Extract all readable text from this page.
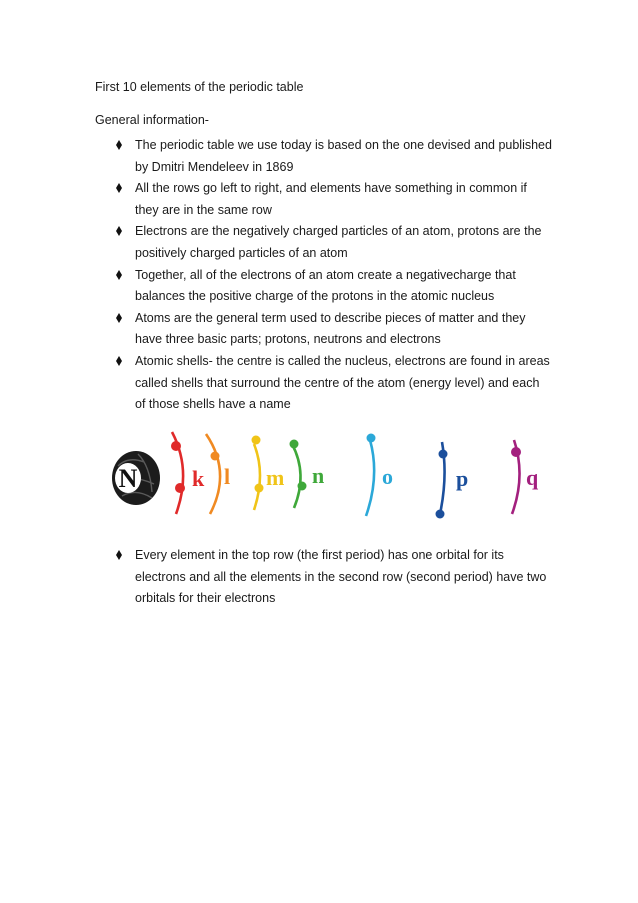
First 10 elements of the periodic table

General information-

The periodic table we use today is based on the one devised and published by Dmitri Mendeleev in 1869
All the rows go left to right, and elements have something in common if they are in the same row
Electrons are the negatively charged particles of an atom, protons are the positively charged particles of an atom
Together, all of the electrons of an atom create a negativecharge that balances the positive charge of the protons in the atomic nucleus
Atoms are the general term used to describe pieces of matter and they have three basic parts; protons, neutrons and electrons
Atomic shells- the centre is called the nucleus, electrons are found in areas called shells that surround the centre of the atom (energy level) and each of those shells have a name
N k l m n	o	p	q
Every element in the top row (the first period) has one orbital for its electrons and all the elements in the second row (second period) have two orbitals for their electrons
